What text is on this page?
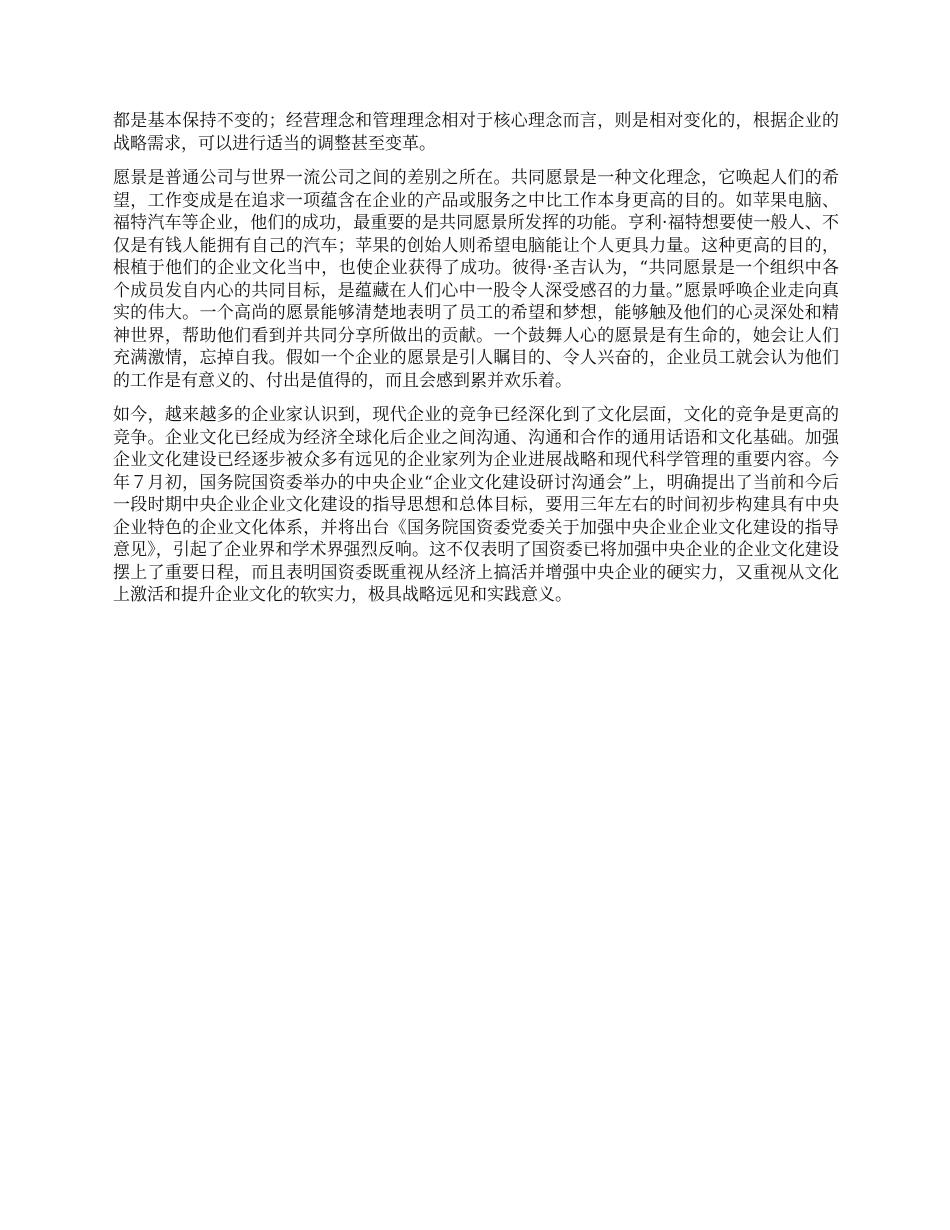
都是基本保持不变的；经营理念和管理理念相对于核心理念而言，则是相对变化的，根据企业的战略需求，可以进行适当的调整甚至变革。

愿景是普通公司与世界一流公司之间的差别之所在。共同愿景是一种文化理念，它唤起人们的希望，工作变成是在追求一项蕴含在企业的产品或服务之中比工作本身更高的目的。如苹果电脑、福特汽车等企业，他们的成功，最重要的是共同愿景所发挥的功能。亨利·福特想要使一般人、不仅是有钱人能拥有自己的汽车；苹果的创始人则希望电脑能让个人更具力量。这种更高的目的，根植于他们的企业文化当中，也使企业获得了成功。彼得·圣吉认为，“共同愿景是一个组织中各个成员发自内心的共同目标，是蕴藏在人们心中一股令人深受感召的力量。”愿景呼唤企业走向真实的伟大。一个高尚的愿景能够清楚地表明了员工的希望和梦想，能够触及他们的心灵深处和精神世界，帮助他们看到并共同分享所做出的贡献。一个鼓舞人心的愿景是有生命的，她会让人们充满激情，忘掉自我。假如一个企业的愿景是引人瞩目的、令人兴奋的，企业员工就会认为他们的工作是有意义的、付出是值得的，而且会感到累并欢乐着。

如今，越来越多的企业家认识到，现代企业的竞争已经深化到了文化层面，文化的竞争是更高的竞争。企业文化已经成为经济全球化后企业之间沟通、沟通和合作的通用话语和文化基础。加强企业文化建设已经逐步被众多有远见的企业家列为企业进展战略和现代科学管理的重要内容。今年７月初，国务院国资委举办的中央企业“企业文化建设研讨沟通会”上，明确提出了当前和今后一段时期中央企业企业文化建设的指导思想和总体目标，要用三年左右的时间初步构建具有中央企业特色的企业文化体系，并将出台《国务院国资委党委关于加强中央企业企业文化建设的指导意见》，引起了企业界和学术界强烈反响。这不仅表明了国资委已将加强中央企业的企业文化建设摆上了重要日程，而且表明国资委既重视从经济上搞活并增强中央企业的硬实力，又重视从文化上激活和提升企业文化的软实力，极具战略远见和实践意义。
